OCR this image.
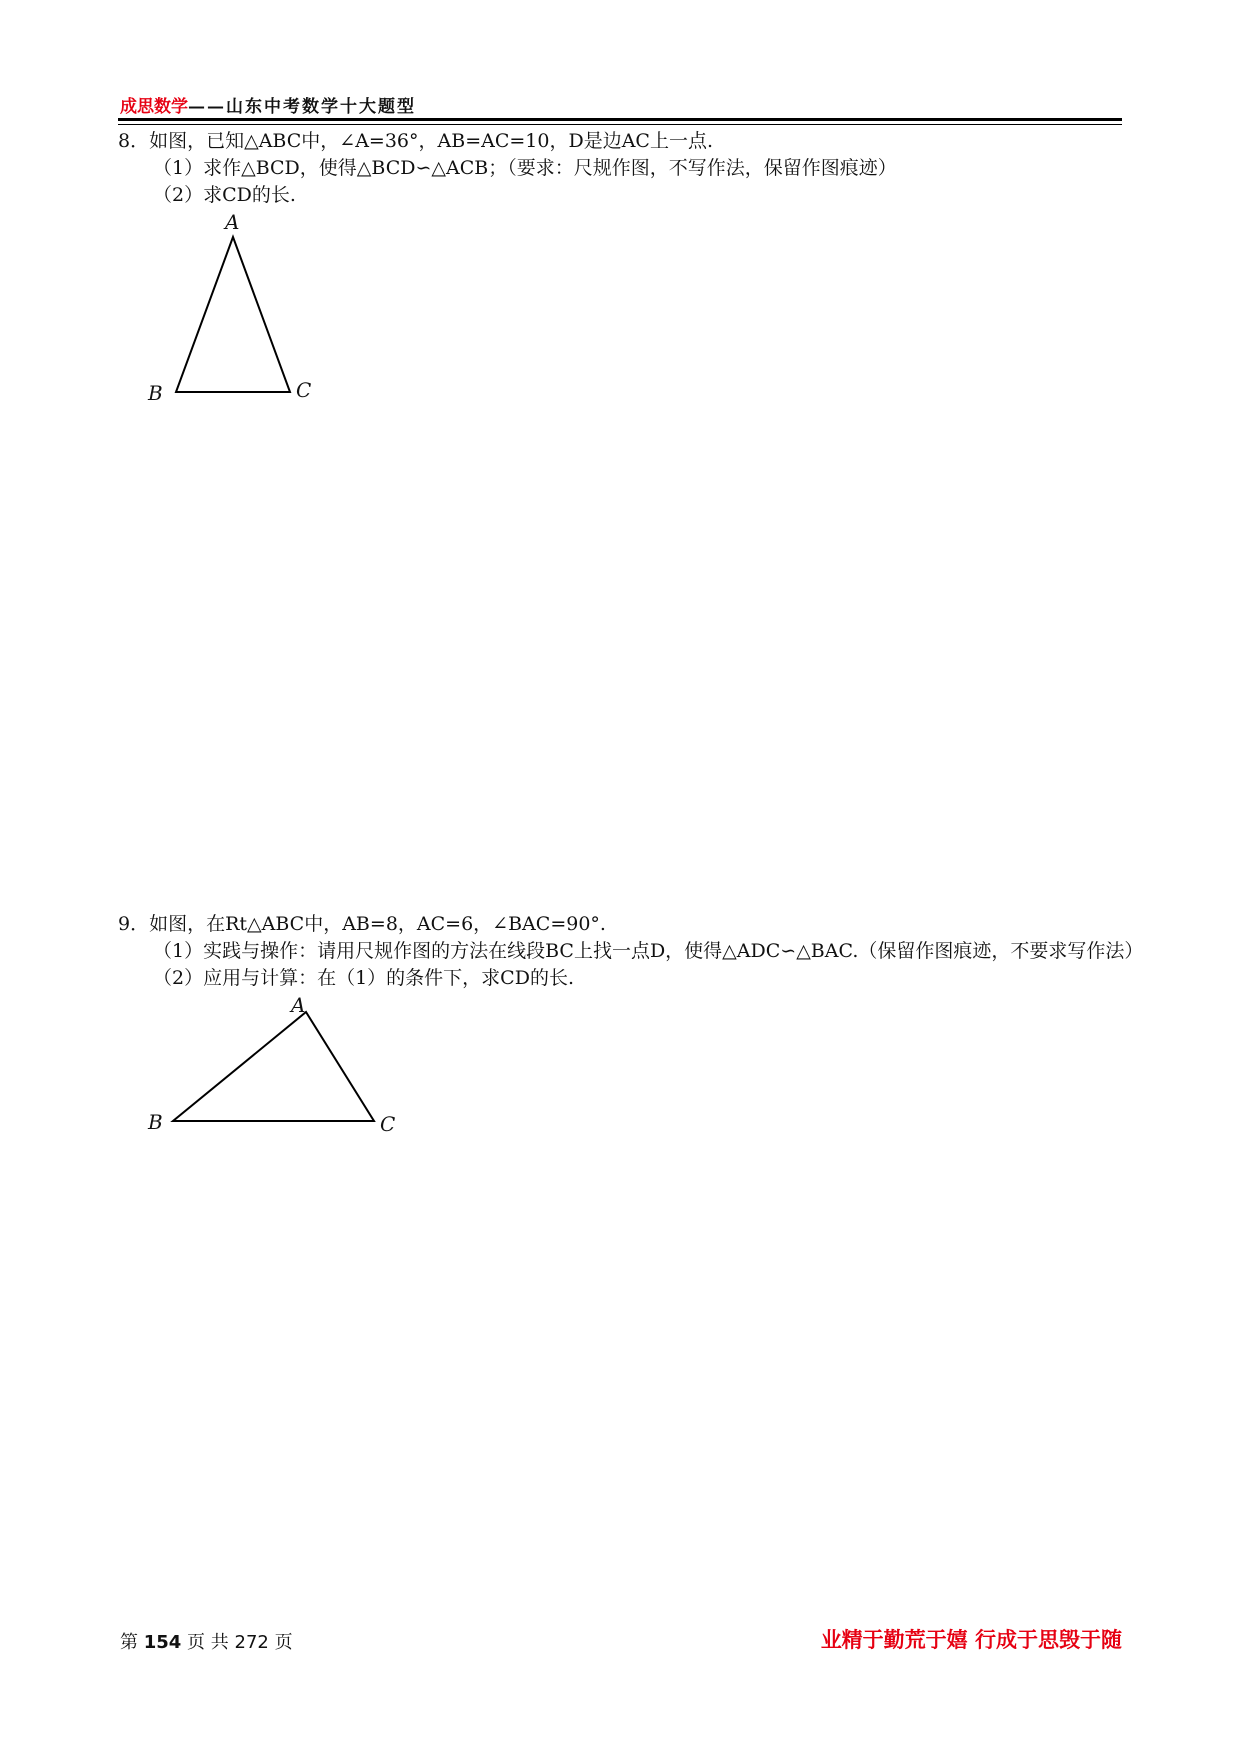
成思数学——山东中考数学十大题型
8．如图，已知△ABC中，∠A=36°，AB=AC=10，D是边AC上一点.
（1）求作△BCD，使得△BCD∽△ACB；（要求：尺规作图，不写作法，保留作图痕迹）
（2）求CD的长.
A
B	C
A
B	C
9．如图，在Rt△ABC中，AB=8，AC=6，∠BAC=90°.
（1）实践与操作：请用尺规作图的方法在线段BC上找一点D，使得△ADC∽△BAC.（保留作图痕迹，不要求写作法）
（2）应用与计算：在（1）的条件下，求CD的长.
第 154 页 共 272 页	业精于勤荒于嬉 行成于思毁于随
